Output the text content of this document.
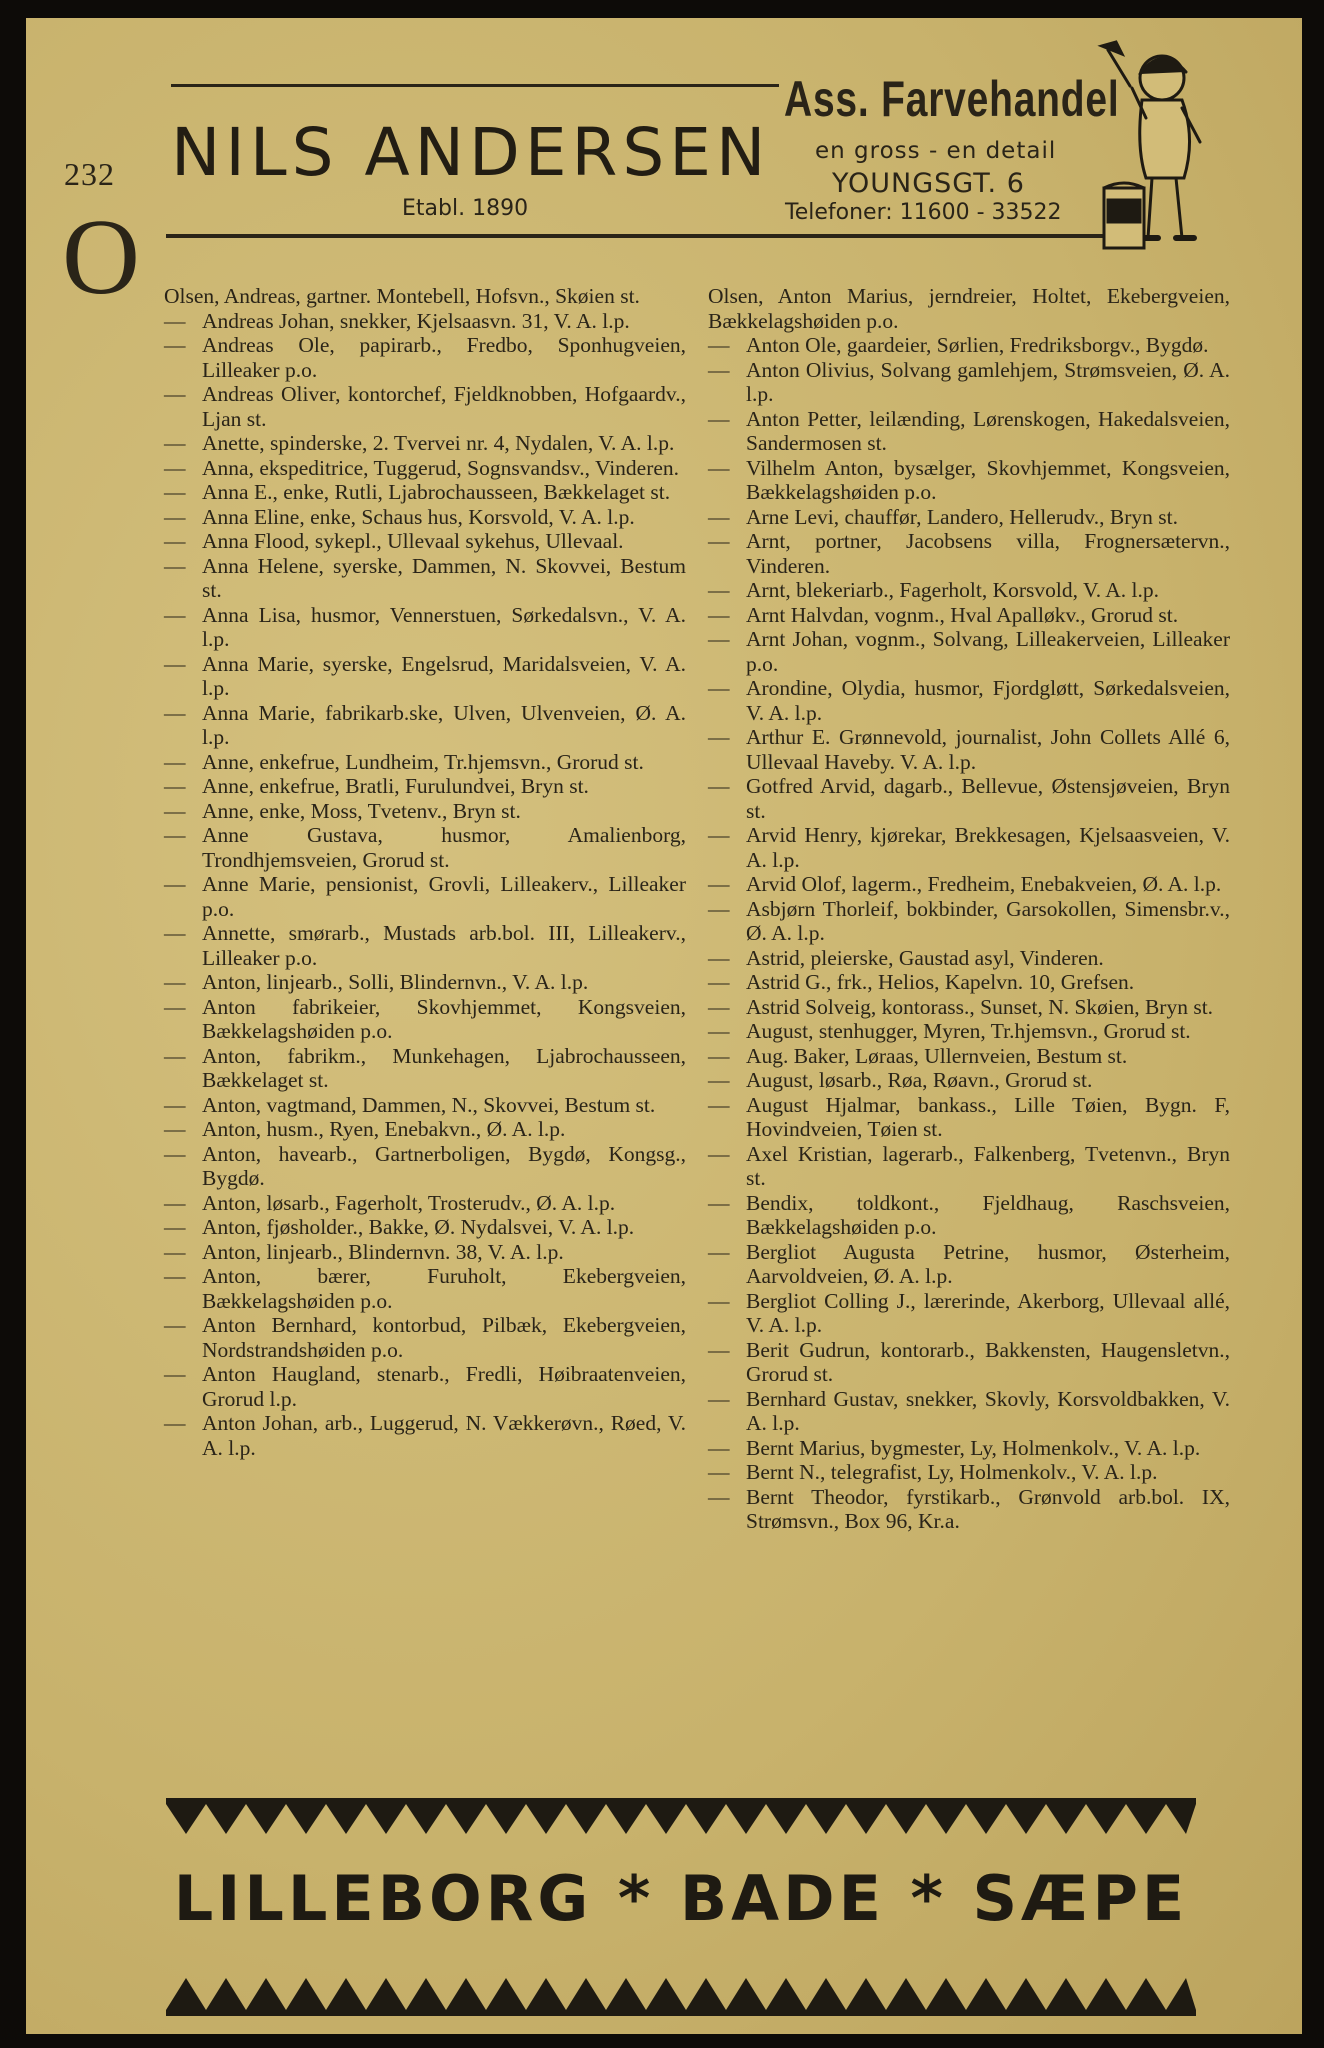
232 NILS ANDERSEN
Etabl. 1890
Ass. Farvehandel
en gross - en detail
YOUNGSGT. 6
Telefoner: 11600 - 33522
O Olsen, Andreas, gartner. Montebell, Hofsvn., Skøien st.
— Andreas Johan, snekker, Kjelsaasvn. 31, V. A. l.p.
— Andreas Ole, papirarb., Fredbo, Sponhugveien, Lilleaker p.o.
— Andreas Oliver, kontorchef, Fjeldknobben, Hofgaardv., Ljan st.
— Anette, spinderske, 2. Tvervei nr. 4, Nydalen, V. A. l.p.
— Anna, ekspeditrice, Tuggerud, Sognsvandsv., Vinderen.
— Anna E., enke, Rutli, Ljabrochausseen, Bækkelaget st.
— Anna Eline, enke, Schaus hus, Korsvold, V. A. l.p.
— Anna Flood, sykepl., Ullevaal sykehus, Ullevaal.
— Anna Helene, syerske, Dammen, N. Skovvei, Bestum st.
— Anna Lisa, husmor, Vennerstuen, Sørkedalsvn., V. A. l.p.
— Anna Marie, syerske, Engelsrud, Maridalsveien, V. A. l.p.
— Anna Marie, fabrikarb.ske, Ulven, Ulvenveien, Ø. A. l.p.
— Anne, enkefrue, Lundheim, Tr.hjemsvn., Grorud st.
— Anne, enkefrue, Bratli, Furulundvei, Bryn st.
— Anne, enke, Moss, Tvetenv., Bryn st.
— Anne Gustava, husmor, Amalienborg, Trondhjemsveien, Grorud st.
— Anne Marie, pensionist, Grovli, Lilleakerv., Lilleaker p.o.
— Annette, smørarb., Mustads arb.bol. III, Lilleakerv., Lilleaker p.o.
— Anton, linjearb., Solli, Blindernvn., V. A. l.p.
— Anton fabrikeier, Skovhjemmet, Kongsveien, Bækkelagshøiden p.o.
— Anton, fabrikm., Munkehagen, Ljabrochausseen, Bækkelaget st.
— Anton, vagtmand, Dammen, N., Skovvei, Bestum st.
— Anton, husm., Ryen, Enebakvn., Ø. A. l.p.
— Anton, havearb., Gartnerboligen, Bygdø, Kongsg., Bygdø.
— Anton, løsarb., Fagerholt, Trosterudv., Ø. A. l.p.
— Anton, fjøsholder., Bakke, Ø. Nydalsvei, V. A. l.p.
— Anton, linjearb., Blindernvn. 38, V. A. l.p.
— Anton, bærer, Furuholt, Ekebergveien, Bækkelagshøiden p.o.
— Anton Bernhard, kontorbud, Pilbæk, Ekebergveien, Nordstrandshøiden p.o.
— Anton Haugland, stenarb., Fredli, Høibraatenveien, Grorud l.p.
— Anton Johan, arb., Luggerud, N. Vækkerøvn., Røed, V. A. l.p.
Olsen, Anton Marius, jerndreier, Holtet, Ekebergveien, Bækkelagshøiden p.o.
— Anton Ole, gaardeier, Sørlien, Fredriksborgv., Bygdø.
— Anton Olivius, Solvang gamlehjem, Strømsveien, Ø. A. l.p.
— Anton Petter, leilænding, Lørenskogen, Hakedalsveien, Sandermosen st.
— Vilhelm Anton, bysælger, Skovhjemmet, Kongsveien, Bækkelagshøiden p.o.
— Arne Levi, chauffør, Landero, Hellerudv., Bryn st.
— Arnt, portner, Jacobsens villa, Frognersætervn., Vinderen.
— Arnt, blekeriarb., Fagerholt, Korsvold, V. A. l.p.
— Arnt Halvdan, vognm., Hval Apalløkv., Grorud st.
— Arnt Johan, vognm., Solvang, Lilleakerveien, Lilleaker p.o.
— Arondine, Olydia, husmor, Fjordgløtt, Sørkedalsveien, V. A. l.p.
— Arthur E. Grønnevold, journalist, John Collets Allé 6, Ullevaal Haveby. V. A. l.p.
— Gotfred Arvid, dagarb., Bellevue, Østensjøveien, Bryn st.
— Arvid Henry, kjørekar, Brekkesagen, Kjelsaasveien, V. A. l.p.
— Arvid Olof, lagerm., Fredheim, Enebakveien, Ø. A. l.p.
— Asbjørn Thorleif, bokbinder, Garsokollen, Simensbr.v., Ø. A. l.p.
— Astrid, pleierske, Gaustad asyl, Vinderen.
— Astrid G., frk., Helios, Kapelvn. 10, Grefsen.
— Astrid Solveig, kontorass., Sunset, N. Skøien, Bryn st.
— August, stenhugger, Myren, Tr.hjemsvn., Grorud st.
— Aug. Baker, Løraas, Ullernveien, Bestum st.
— August, løsarb., Røa, Røavn., Grorud st.
— August Hjalmar, bankass., Lille Tøien, Bygn. F, Hovindveien, Tøien st.
— Axel Kristian, lagerarb., Falkenberg, Tvetenvn., Bryn st.
— Bendix, toldkont., Fjeldhaug, Raschsveien, Bækkelagshøiden p.o.
— Bergliot Augusta Petrine, husmor, Østerheim, Aarvoldveien, Ø. A. l.p.
— Bergliot Colling J., lærerinde, Akerborg, Ullevaal allé, V. A. l.p.
— Berit Gudrun, kontorarb., Bakkensten, Haugensletvn., Grorud st.
— Bernhard Gustav, snekker, Skovly, Korsvoldbakken, V. A. l.p.
— Bernt Marius, bygmester, Ly, Holmenkolv., V. A. l.p.
— Bernt N., telegrafist, Ly, Holmenkolv., V. A. l.p.
— Bernt Theodor, fyrstikarb., Grønvold arb.bol. IX, Strømsvn., Box 96, Kr.a.
LILLEBORG * BADE * SÆPE
